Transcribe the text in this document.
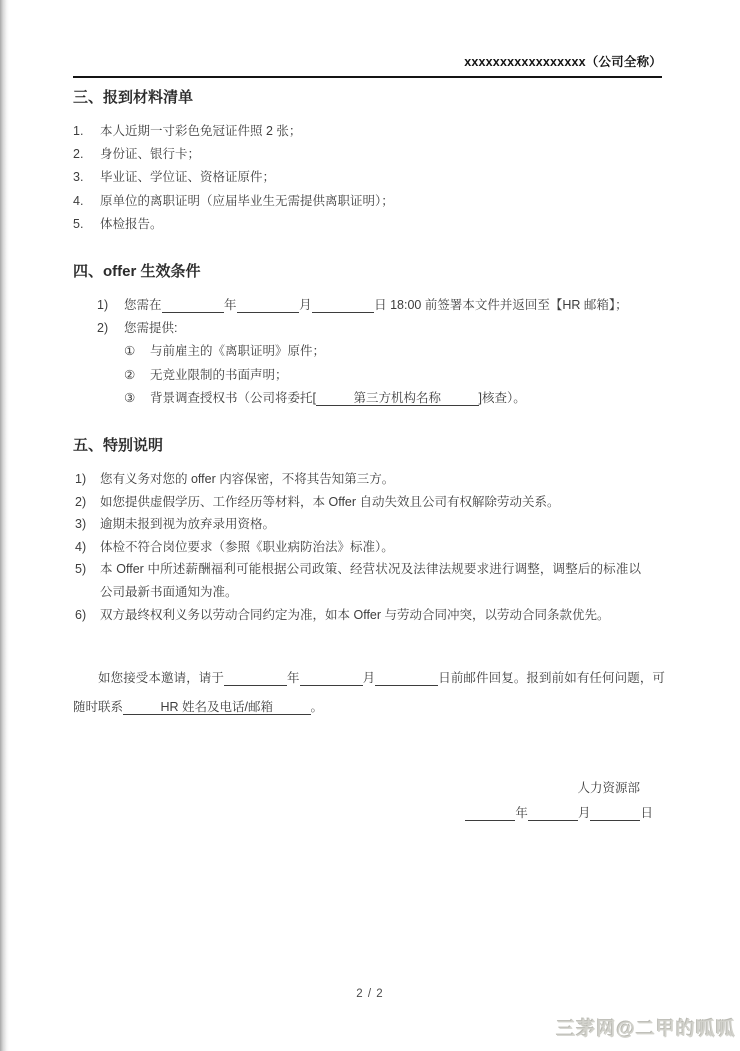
xxxxxxxxxxxxxxxxx（公司全称）
三、报到材料清单
1.	本人近期一寸彩色免冠证件照 2 张；
2.	身份证、银行卡；
3.	毕业证、学位证、资格证原件；
4.	原单位的离职证明（应届毕业生无需提供离职证明）；
5.	体检报告。
四、offer 生效条件
1)	您需在　　　　　	年　　　　　	月　　　　　	日 18:00 前签署本文件并返回至【HR 邮箱】；
2)	您需提供:
①	与前雇主的《离职证明》原件；
②	无竞业限制的书面声明；
③	背景调查授权书（公司将委托[　　　第三方机构名称　　　]核查）。
五、特别说明
1)	您有义务对您的 offer 内容保密，不将其告知第三方。
2)	如您提供虚假学历、工作经历等材料，本 Offer 自动失效且公司有权解除劳动关系。
3)	逾期未报到视为放弃录用资格。
4)	体检不符合岗位要求（参照《职业病防治法》标准）。
5)	本 Offer 中所述薪酬福利可能根据公司政策、经营状况及法律法规要求进行调整，调整后的标准以公司最新书面通知为准。
6)	双方最终权利义务以劳动合同约定为准，如本 Offer 与劳动合同冲突，以劳动合同条款优先。

如您接受本邀请，请于　　　　　	年　　　　　	月　　　　　	日前邮件回复。报到前如有任何问题，可随时联系　　　HR 姓名及电话/邮箱　　　。

人力资源部
　　　　年　　　　	月　　　　	日
2 / 2
三茅网@二甲的呱呱
